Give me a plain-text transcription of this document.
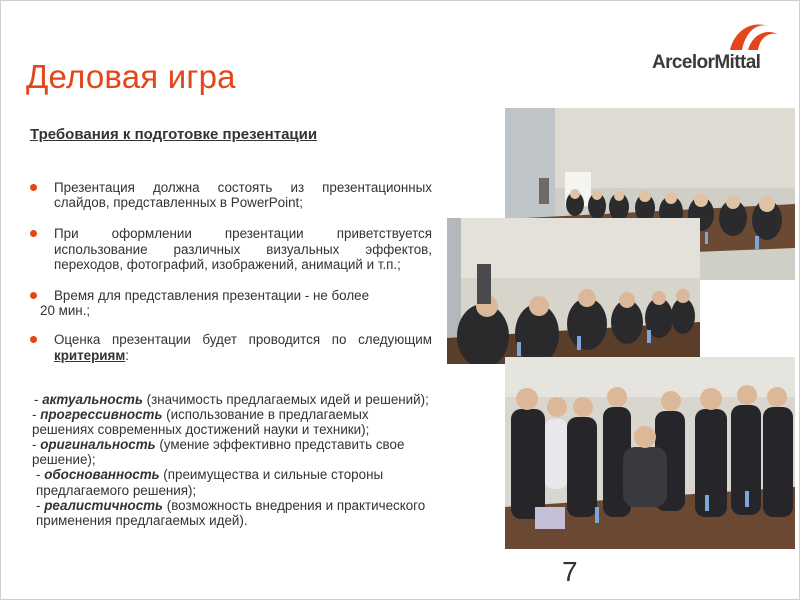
Деловая игра	ArcelorMittal
Требования к подготовке презентации
Презентация должна состоять из презентационных слайдов, представленных в PowerPoint;
При оформлении презентации приветствуется использование различных визуальных эффектов, переходов, фотографий, изображений, анимаций и т.п.;
Время для представления презентации - не более
20 мин.;
Оценка презентации будет проводится по следующим критериям:
- актуальность (значимость предлагаемых идей и решений);
- прогрессивность (использование в предлагаемых решениях современных достижений науки и техники);
- оригинальность (умение эффективно представить свое решение);
- обоснованность (преимущества и сильные стороны предлагаемого решения);
- реалистичность (возможность внедрения и практического применения предлагаемых идей).
7
